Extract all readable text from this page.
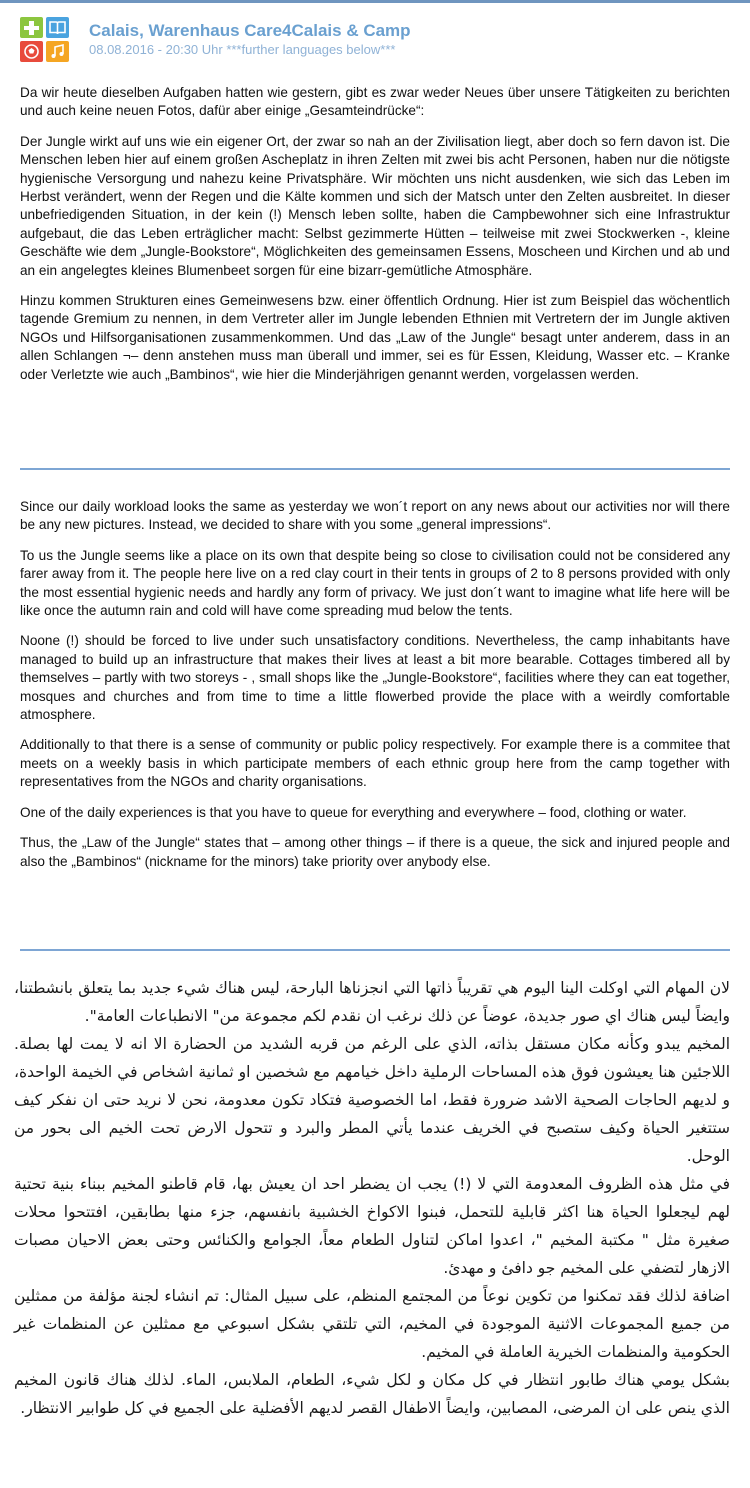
Calais, Warenhaus Care4Calais & Camp
08.08.2016 - 20:30 Uhr ***further languages below***

Da wir heute dieselben Aufgaben hatten wie gestern, gibt es zwar weder Neues über unsere Tätigkeiten zu berichten und auch keine neuen Fotos, dafür aber einige „Gesamteindrücke“:

Der Jungle wirkt auf uns wie ein eigener Ort, der zwar so nah an der Zivilisation liegt, aber doch so fern davon ist. Die Menschen leben hier auf einem großen Ascheplatz in ihren Zelten mit zwei bis acht Personen, haben nur die nötigste hygienische Versorgung und nahezu keine Privatsphäre. Wir möchten uns nicht ausdenken, wie sich das Leben im Herbst verändert, wenn der Regen und die Kälte kommen und sich der Matsch unter den Zelten ausbreitet. In dieser unbefriedigenden Situation, in der kein (!) Mensch leben sollte, haben die Campbewohner sich eine Infrastruktur aufgebaut, die das Leben erträglicher macht: Selbst gezimmerte Hütten – teilweise mit zwei Stockwerken -, kleine Geschäfte wie dem „Jungle-Bookstore“, Möglichkeiten des gemeinsamen Essens, Moscheen und Kirchen und ab und an ein angelegtes kleines Blumenbeet sorgen für eine bizarr-gemütliche Atmosphäre.

Hinzu kommen Strukturen eines Gemeinwesens bzw. einer öffentlich Ordnung. Hier ist zum Beispiel das wöchentlich tagende Gremium zu nennen, in dem Vertreter aller im Jungle lebenden Ethnien mit Vertretern der im Jungle aktiven NGOs und Hilfsorganisationen zusammenkommen. Und das „Law of the Jungle“ besagt unter anderem, dass in an allen Schlangen ¬– denn anstehen muss man überall und immer, sei es für Essen, Kleidung, Wasser etc. – Kranke oder Verletzte wie auch „Bambinos“, wie hier die Minderjährigen genannt werden, vorgelassen werden.

Since our daily workload looks the same as yesterday we won´t report on any news about our activities nor will there be any new pictures. Instead, we decided to share with you some „general impressions“.

To us the Jungle seems like a place on its own that despite being so close to civilisation could not be considered any farer away from it. The people here live on a red clay court in their tents in groups of 2 to 8 persons provided with only the most essential hygienic needs and hardly any form of privacy. We just don´t want to imagine what life here will be like once the autumn rain and cold will have come spreading mud below the tents.

Noone (!) should be forced to live under such unsatisfactory conditions. Nevertheless, the camp inhabitants have managed to build up an infrastructure that makes their lives at least a bit more bearable. Cottages timbered all by themselves – partly with two storeys - , small shops like the „Jungle-Bookstore“, facilities where they can eat together, mosques and churches and from time to time a little flowerbed provide the place with a weirdly comfortable atmosphere.

Additionally to that there is a sense of community or public policy respectively. For example there is a commitee that meets on a weekly basis in which participate members of each ethnic group here from the camp together with representatives from the NGOs and charity organisations.

One of the daily experiences is that you have to queue for everything and everywhere – food, clothing or water.

Thus, the „Law of the Jungle“ states that – among other things – if there is a queue, the sick and injured people and also the „Bambinos“ (nickname for the minors) take priority over anybody else.

لان المهام التي اوكلت الينا اليوم هي تقريباً ذاتها التي انجزناها البارحة، ليس هناك شيء جديد بما يتعلق بانشطتنا، وايضاً ليس هناك اي صور جديدة، عوضاً عن ذلك نرغب ان نقدم لكم مجموعة من" الانطباعات العامة".

المخيم يبدو وكأنه مكان مستقل بذاته، الذي على الرغم من قربه الشديد من الحضارة الا انه لا يمت لها بصلة. اللاجئين هنا يعيشون فوق هذه المساحات الرملية داخل خيامهم مع شخصين او ثمانية اشخاص في الخيمة الواحدة، و لديهم الحاجات الصحية الاشد ضرورة فقط، اما الخصوصية فتكاد تكون معدومة، نحن لا نريد حتى ان نفكر كيف ستتغير الحياة وكيف ستصبح في الخريف عندما يأتي المطر والبرد و تتحول الارض تحت الخيم الى بحور من الوحل.

في مثل هذه الظروف المعدومة التي لا (!) يجب ان يضطر احد ان يعيش بها، قام قاطنو المخيم ببناء بنية تحتية لهم ليجعلوا الحياة هنا اكثر قابلية للتحمل، فبنوا الاكواخ الخشبية بانفسهم، جزء منها بطابقين، افتتحوا محلات صغيرة مثل " مكتبة المخيم "، اعدوا اماكن لتناول الطعام معاً، الجوامع والكنائس وحتى بعض الاحيان مصبات الازهار لتضفي على المخيم جو دافئ و مهدئ.

اضافة لذلك فقد تمكنوا من تكوين نوعاً من المجتمع المنظم، على سبيل المثال: تم انشاء لجنة مؤلفة من ممثلين من جميع المجموعات الاثنية الموجودة في المخيم، التي تلتقي بشكل اسبوعي مع ممثلين عن المنظمات غير الحكومية والمنظمات الخيرية العاملة في المخيم.

بشكل يومي هناك طابور انتظار في كل مكان و لكل شيء، الطعام، الملابس، الماء. لذلك هناك قانون المخيم الذي ينص على ان المرضى، المصابين، وايضاً الاطفال القصر لديهم الأفضلية على الجميع في كل طوابير الانتظار.
